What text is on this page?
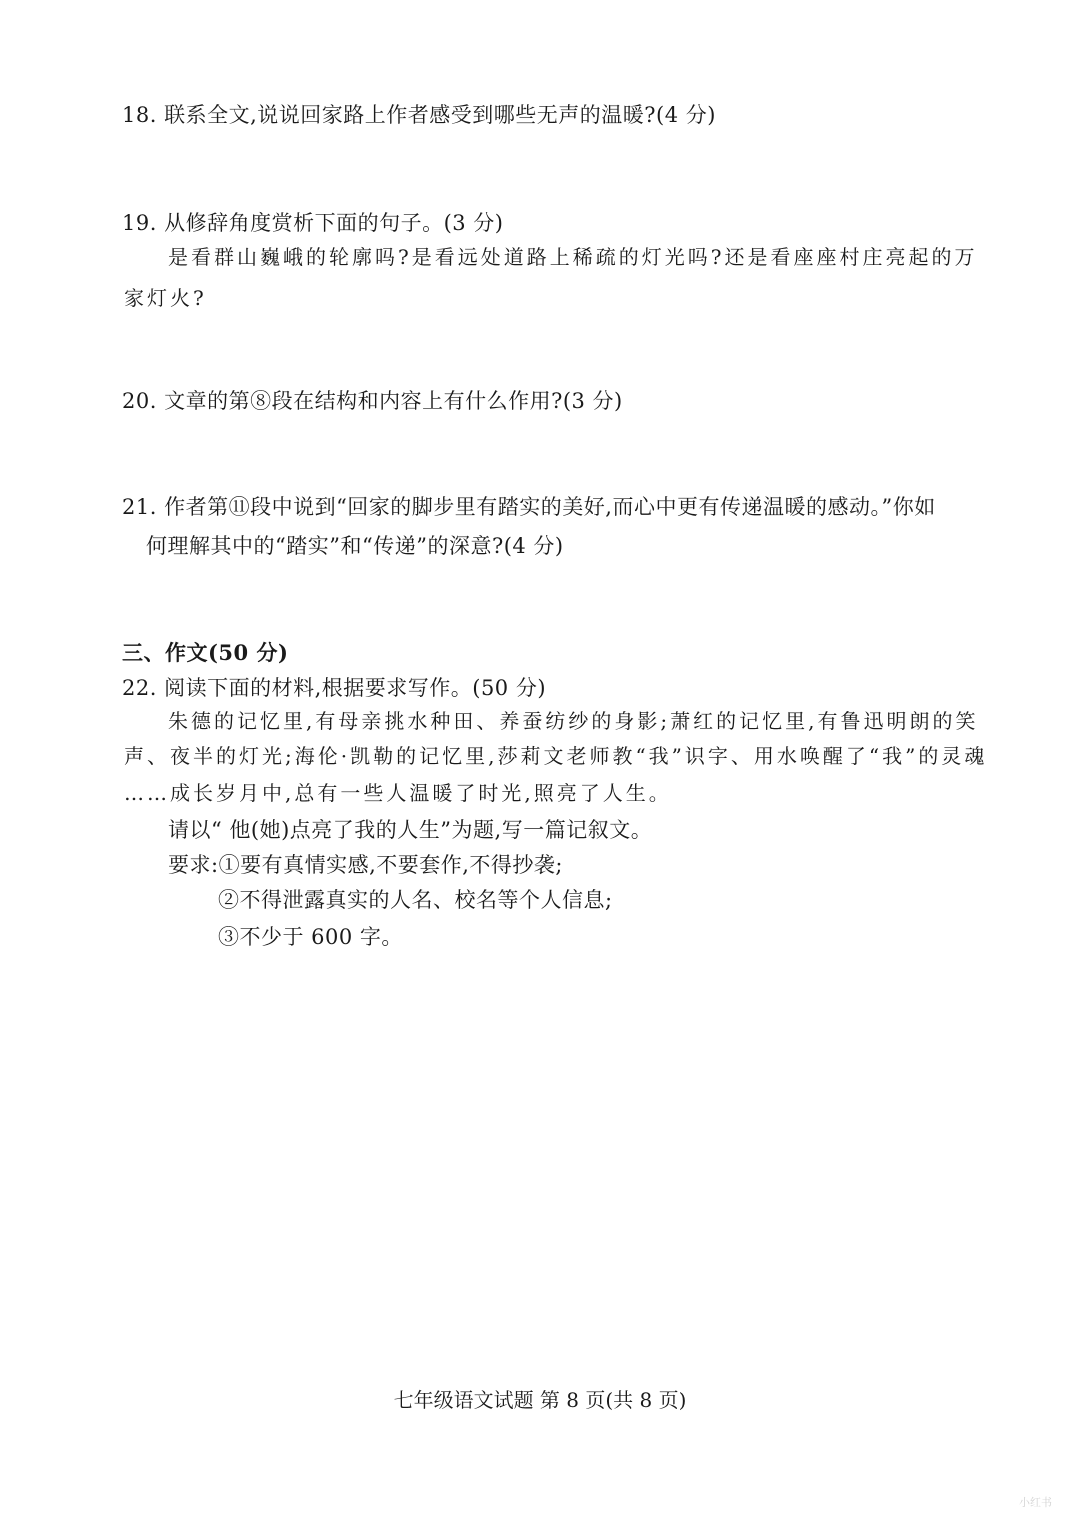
18. 联系全文,说说回家路上作者感受到哪些无声的温暖?(4 分)
19. 从修辞角度赏析下面的句子。(3 分)
是看群山巍峨的轮廓吗?是看远处道路上稀疏的灯光吗?还是看座座村庄亮起的万
家灯火?
20. 文章的第⑧段在结构和内容上有什么作用?(3 分)
21. 作者第⑪段中说到“回家的脚步里有踏实的美好,而心中更有传递温暖的感动。”你如
何理解其中的“踏实”和“传递”的深意?(4 分)
三、作文(50 分)
22. 阅读下面的材料,根据要求写作。(50 分)
朱德的记忆里,有母亲挑水种田、养蚕纺纱的身影;萧红的记忆里,有鲁迅明朗的笑
声、夜半的灯光;海伦·凯勒的记忆里,莎莉文老师教“我”识字、用水唤醒了“我”的灵魂
……成长岁月中,总有一些人温暖了时光,照亮了人生。
请以“ 他(她)点亮了我的人生”为题,写一篇记叙文。
要求:①要有真情实感,不要套作,不得抄袭;
②不得泄露真实的人名、校名等个人信息;
③不少于 600 字。
七年级语文试题 第 8 页(共 8 页)
小红书
